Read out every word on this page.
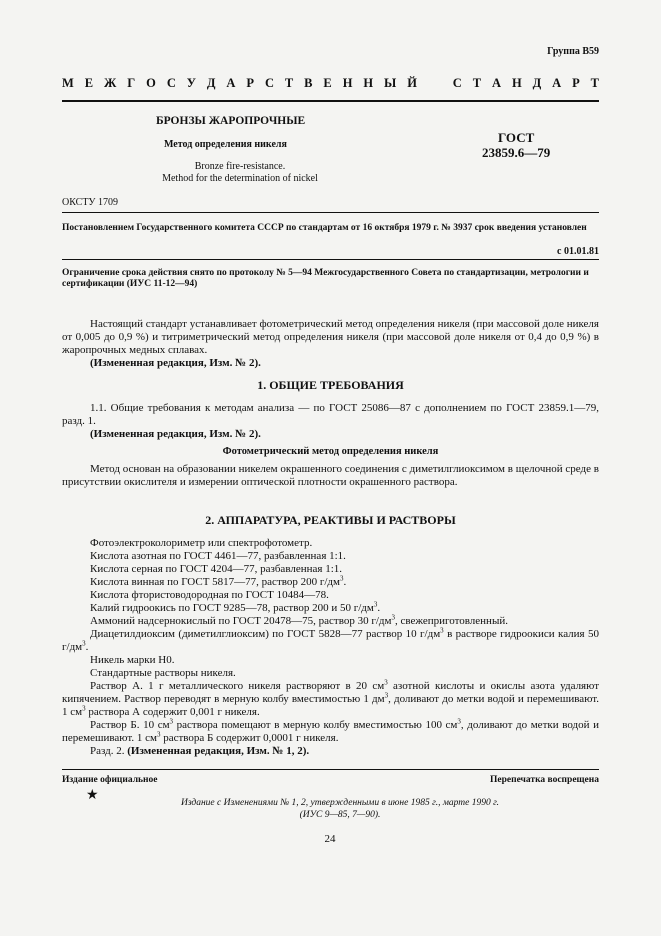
Группа В59
М Е Ж Г О С У Д А Р С Т В Е Н Н Ы Й	С Т А Н Д А Р Т
БРОНЗЫ ЖАРОПРОЧНЫЕ
Метод определения никеля	ГОСТ
23859.6—79
Bronze fire-resistance.
Method for the determination of nickel
ОКСТУ 1709
Постановлением Государственного комитета СССР по стандартам от 16 октября 1979 г. № 3937 срок введения установлен
с 01.01.81
Ограничение срока действия снято по протоколу № 5—94 Межгосударственного Совета по стандартизации, метрологии и сертификации (ИУС 11-12—94)

Настоящий стандарт устанавливает фотометрический метод определения никеля (при массовой доле никеля от 0,005 до 0,9 %) и титриметрический метод определения никеля (при массовой доле никеля от 0,4 до 0,9 %) в жаропрочных медных сплавах.

(Измененная редакция, Изм. № 2).

1. ОБЩИЕ ТРЕБОВАНИЯ

1.1. Общие требования к методам анализа — по ГОСТ 25086—87 с дополнением по ГОСТ 23859.1—79, разд. 1.

(Измененная редакция, Изм. № 2).

Фотометрический метод определения никеля

Метод основан на образовании никелем окрашенного соединения с диметилглиоксимом в щелочной среде в присутствии окислителя и измерении оптической плотности окрашенного раствора.

2. АППАРАТУРА, РЕАКТИВЫ И РАСТВОРЫ

Фотоэлектроколориметр или спектрофотометр.

Кислота азотная по ГОСТ 4461—77, разбавленная 1:1.

Кислота серная по ГОСТ 4204—77, разбавленная 1:1.

Кислота винная по ГОСТ 5817—77, раствор 200 $г/дм^3$.

Кислота фтористоводородная по ГОСТ 10484—78.

Калий гидроокись по ГОСТ 9285—78, раствор 200 и 50 $г/дм^3$.

Аммоний надсернокислый по ГОСТ 20478—75, раствор 30 $г/дм^3$, свежеприготовленный.

Диацетилдиоксим (диметилглиоксим) по ГОСТ 5828—77 раствор 10 $г/дм^3$ в растворе гидроокиси калия 50 $г/дм^3$.

Никель марки Н0.

Стандартные растворы никеля.

Раствор А. 1 г металлического никеля растворяют в 20 $см^3$ азотной кислоты и окислы азота удаляют кипячением. Раствор переводят в мерную колбу вместимостью 1 $дм^3$, доливают до метки водой и перемешивают. 1 $см^3$ раствора А содержит 0,001 г никеля.

Раствор Б. 10 $см^3$ раствора помещают в мерную колбу вместимостью 100 $см^3$, доливают до метки водой и перемешивают. 1 $см^3$ раствора Б содержит 0,0001 г никеля.

Разд. 2. (Измененная редакция, Изм. № 1, 2).

Издание официальное	Перепечатка воспрещена
★	Издание с Изменениями № 1, 2, утвержденными в июне 1985 г., марте 1990 г.
(ИУС 9—85, 7—90).
24
